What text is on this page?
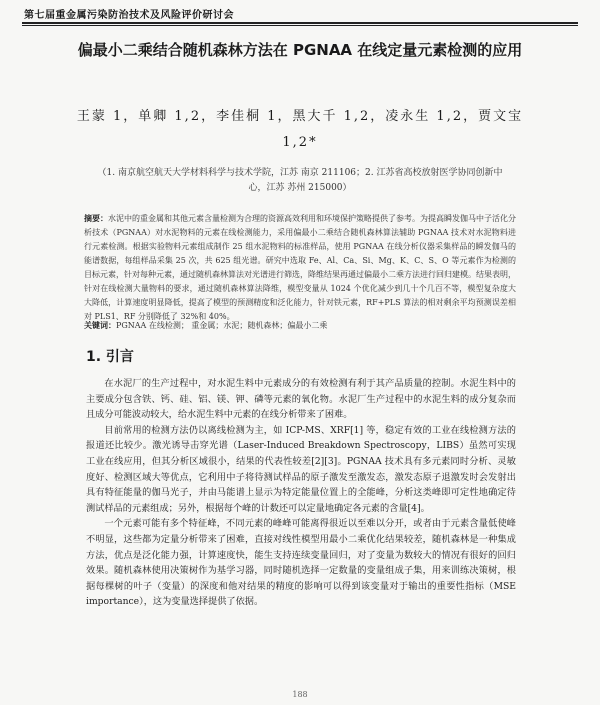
第七届重金属污染防治技术及风险评价研讨会
偏最小二乘结合随机森林方法在 PGNAA 在线定量元素检测的应用
王蒙 1，单卿 1,2，李佳桐 1，黑大千 1,2，凌永生 1,2，贾文宝 1,2*
（1. 南京航空航天大学材料科学与技术学院，江苏 南京 211106；2. 江苏省高校放射医学协同创新中心，江苏 苏州 215000）
摘要：水泥中的重金属和其他元素含量检测为合理的资源高效利用和环境保护策略提供了参考。为提高瞬发伽马中子活化分析技术（PGNAA）对水泥物料的元素在线检测能力，采用偏最小二乘结合随机森林算法辅助 PGNAA 技术对水泥物料进行元素检测。根据实验物料元素组成制作 25 组水泥物料的标准样品，使用 PGNAA 在线分析仪器采集样品的瞬发伽马的能谱数据，每组样品采集 25 次，共 625 组光谱。研究中选取 Fe、Al、Ca、Si、Mg、K、C、S、O 等元素作为检测的目标元素，针对每种元素，通过随机森林算法对光谱进行筛选，降维结果再通过偏最小二乘方法进行回归建模。结果表明，针对在线检测大量物料的要求，通过随机森林算法降维，模型变量从 1024 个优化减少到几十个几百不等，模型复杂度大大降低，计算速度明显降低，提高了模型的预测精度和泛化能力，针对铁元素，RF+PLS 算法的相对剩余平均预测误差相对 PLS1、RF 分别降低了 32%和 40%。
关键词：PGNAA 在线检测； 重金属；水泥；随机森林；偏最小二乘
1. 引言

在水泥厂的生产过程中，对水泥生料中元素成分的有效检测有利于其产品质量的控制。水泥生料中的主要成分包含铁、钙、硅、铝、镁、钾、磷等元素的氧化物。水泥厂生产过程中的水泥生料的成分复杂而且成分可能波动较大，给水泥生料中元素的在线分析带来了困难。

目前常用的检测方法仍以离线检测为主，如 ICP-MS、XRF[1] 等，稳定有效的工业在线检测方法的报道还比较少。激光诱导击穿光谱（Laser-Induced Breakdown Spectroscopy，LIBS）虽然可实现工业在线应用，但其分析区域很小，结果的代表性较差[2][3]。PGNAA 技术具有多元素同时分析、灵敏度好、检测区域大等优点，它利用中子将待测试样品的原子激发至激发态，激发态原子退激发时会发射出具有特征能量的伽马光子，并由马能谱上显示为特定能量位置上的全能峰，分析这类峰即可定性地确定待测试样品的元素组成；另外，根据每个峰的计数还可以定量地确定各元素的含量[4]。

一个元素可能有多个特征峰，不同元素的峰峰可能离得很近以至难以分开，或者由于元素含量低使峰不明显，这些都为定量分析带来了困难，直接对线性模型用最小二乘优化结果较差，随机森林是一种集成方法，优点是泛化能力强，计算速度快，能生支持连续变量回归，对了变量为数较大的情况有很好的回归效果。随机森林使用决策树作为基学习器，同时随机选择一定数量的变量组成子集，用来训练决策树，根据每棵树的叶子（变量）的深度和他对结果的精度的影响可以得到该变量对于输出的重要性指标（MSE importance），这为变量选择提供了依据。

188
